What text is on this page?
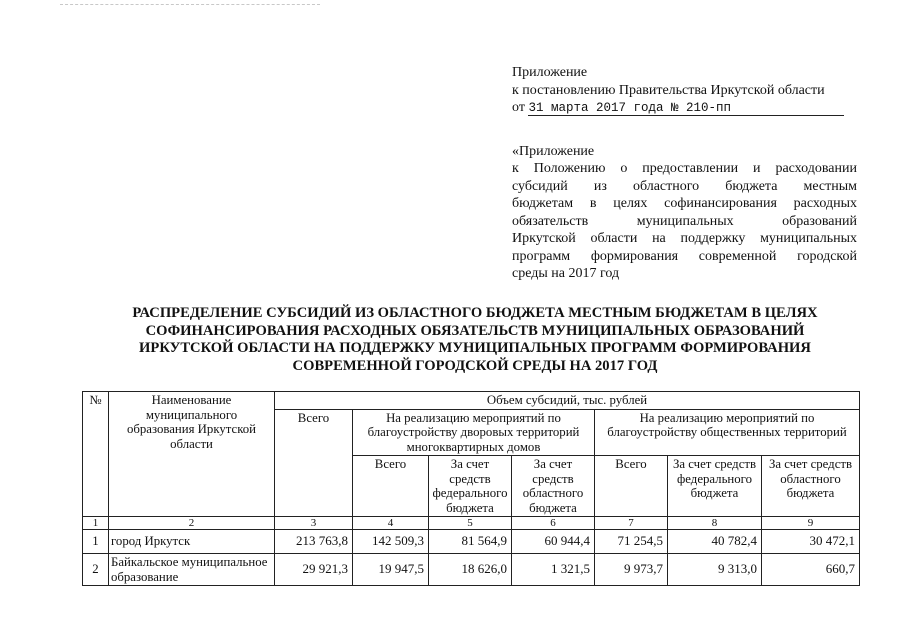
Приложение
к постановлению Правительства Иркутской области
от 31 марта 2017 года № 210-пп
«Приложение
к Положению о предоставлении и расходовании
субсидий из областного бюджета местным
бюджетам в целях софинансирования расходных
обязательств муниципальных образований
Иркутской области на поддержку муниципальных
программ формирования современной городской
среды на 2017 год
РАСПРЕДЕЛЕНИЕ СУБСИДИЙ ИЗ ОБЛАСТНОГО БЮДЖЕТА МЕСТНЫМ БЮДЖЕТАМ В ЦЕЛЯХ
СОФИНАНСИРОВАНИЯ РАСХОДНЫХ ОБЯЗАТЕЛЬСТВ МУНИЦИПАЛЬНЫХ ОБРАЗОВАНИЙ
ИРКУТСКОЙ ОБЛАСТИ НА ПОДДЕРЖКУ МУНИЦИПАЛЬНЫХ ПРОГРАММ ФОРМИРОВАНИЯ
СОВРЕМЕННОЙ ГОРОДСКОЙ СРЕДЫ НА 2017 ГОД
№	Наименование муниципального образования Иркутской области	Объем субсидий, тыс. рублей						
		Всего	На реализацию мероприятий по благоустройству дворовых территорий многоквартирных домов			На реализацию мероприятий по благоустройству общественных территорий		
			Всего	За счет средств федерального бюджета	За счет средств областного бюджета	Всего	За счет средств федерального бюджета	За счет средств областного бюджета

1	2	3	4	5	6	7	8	9
1	город Иркутск	213 763,8	142 509,3	81 564,9	60 944,4	71 254,5	40 782,4	30 472,1
2	Байкальское муниципальное образование	29 921,3	19 947,5	18 626,0	1 321,5	9 973,7	9 313,0	660,7
